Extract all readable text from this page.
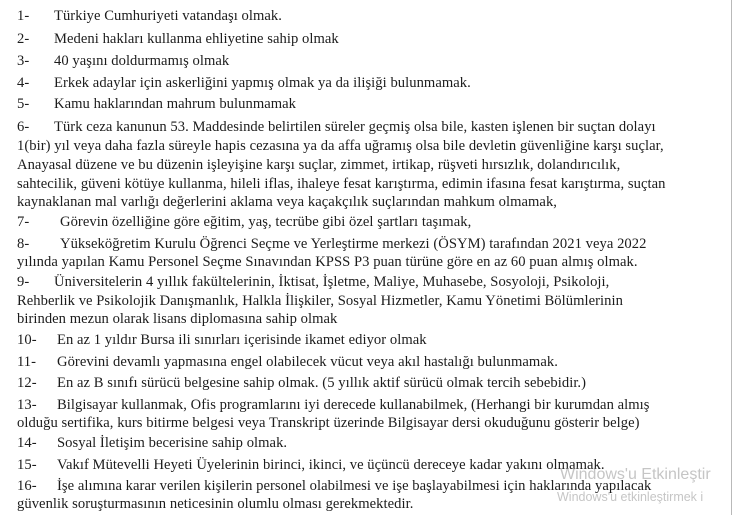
1- Türkiye Cumhuriyeti vatandaşı olmak.
2- Medeni hakları kullanma ehliyetine sahip olmak
3- 40 yaşını doldurmamış olmak
4- Erkek adaylar için askerliğini yapmış olmak ya da ilişiği bulunmamak.
5- Kamu haklarından mahrum bulunmamak
6- Türk ceza kanunun 53. Maddesinde belirtilen süreler geçmiş olsa bile, kasten işlenen bir suçtan dolayı
1(bir) yıl veya daha fazla süreyle hapis cezasına ya da affa uğramış olsa bile devletin güvenliğine karşı suçlar,
Anayasal düzene ve bu düzenin işleyişine karşı suçlar, zimmet, irtikap, rüşveti hırsızlık, dolandırıcılık,
sahtecilik, güveni kötüye kullanma, hileli iflas, ihaleye fesat karıştırma, edimin ifasına fesat karıştırma, suçtan
kaynaklanan mal varlığı değerlerini aklama veya kaçakçılık suçlarından mahkum olmamak,
7- Görevin özelliğine göre eğitim, yaş, tecrübe gibi özel şartları taşımak,
8- Yükseköğretim Kurulu Öğrenci Seçme ve Yerleştirme merkezi (ÖSYM) tarafından 2021 veya 2022
yılında yapılan Kamu Personel Seçme Sınavından KPSS P3 puan türüne göre en az 60 puan almış olmak.
9- Üniversitelerin 4 yıllık fakültelerinin, İktisat, İşletme, Maliye, Muhasebe, Sosyoloji, Psikoloji,
Rehberlik ve Psikolojik Danışmanlık, Halkla İlişkiler, Sosyal Hizmetler, Kamu Yönetimi Bölümlerinin
birinden mezun olarak lisans diplomasına sahip olmak
10- En az 1 yıldır Bursa ili sınırları içerisinde ikamet ediyor olmak
11- Görevini devamlı yapmasına engel olabilecek vücut veya akıl hastalığı bulunmamak.
12- En az B sınıfı sürücü belgesine sahip olmak. (5 yıllık aktif sürücü olmak tercih sebebidir.)
13- Bilgisayar kullanmak, Ofis programlarını iyi derecede kullanabilmek, (Herhangi bir kurumdan almış
olduğu sertifika, kurs bitirme belgesi veya Transkript üzerinde Bilgisayar dersi okuduğunu gösterir belge)
14- Sosyal İletişim becerisine sahip olmak.
15- Vakıf Mütevelli Heyeti Üyelerinin birinci, ikinci, ve üçüncü dereceye kadar yakını olmamak.
16- İşe alımına karar verilen kişilerin personel olabilmesi ve işe başlayabilmesi için haklarında yapılacak
güvenlik soruşturmasının neticesinin olumlu olması gerekmektedir.
Windows'u Etkinleştir
Windows'u etkinleştirmek i
